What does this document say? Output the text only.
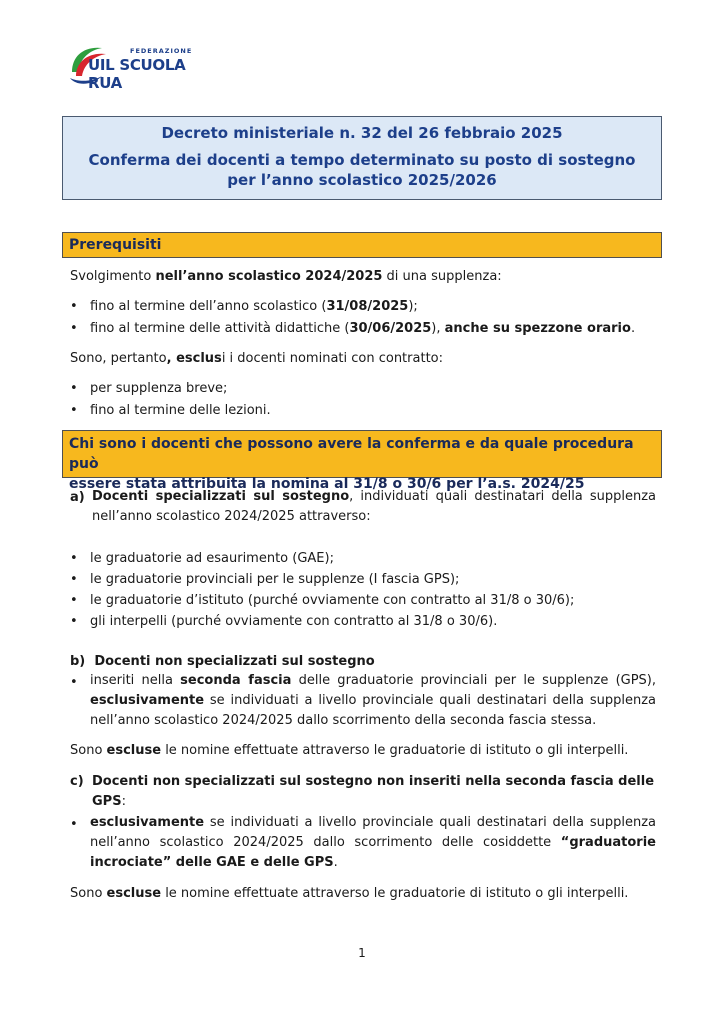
FEDERAZIONE
UIL SCUOLA RUA
Decreto ministeriale n. 32 del 26 febbraio 2025
Conferma dei docenti a tempo determinato su posto di sostegno
per l’anno scolastico 2025/2026
Prerequisiti
Svolgimento nell’anno scolastico 2024/2025 di una supplenza:
• fino al termine dell’anno scolastico (31/08/2025);
• fino al termine delle attività didattiche (30/06/2025), anche su spezzone orario.
Sono, pertanto, esclusi i docenti nominati con contratto:
• per supplenza breve;
• fino al termine delle lezioni.
Chi sono i docenti che possono avere la conferma e da quale procedura può
essere stata attribuita la nomina al 31/8 o 30/6 per l’a.s. 2024/25
a) Docenti specializzati sul sostegno, individuati quali destinatari della supplenza nell’anno scolastico 2024/2025 attraverso:
• le graduatorie ad esaurimento (GAE);
• le graduatorie provinciali per le supplenze (I fascia GPS);
• le graduatorie d’istituto (purché ovviamente con contratto al 31/8 o 30/6);
• gli interpelli (purché ovviamente con contratto al 31/8 o 30/6).
b) Docenti non specializzati sul sostegno
• inseriti nella seconda fascia delle graduatorie provinciali per le supplenze (GPS), esclusivamente se individuati a livello provinciale quali destinatari della supplenza nell’anno scolastico 2024/2025 dallo scorrimento della seconda fascia stessa.
Sono escluse le nomine effettuate attraverso le graduatorie di istituto o gli interpelli.
c) Docenti non specializzati sul sostegno non inseriti nella seconda fascia delle
GPS:
• esclusivamente se individuati a livello provinciale quali destinatari della supplenza nell’anno scolastico 2024/2025 dallo scorrimento delle cosiddette “graduatorie incrociate” delle GAE e delle GPS.
Sono escluse le nomine effettuate attraverso le graduatorie di istituto o gli interpelli.
1
